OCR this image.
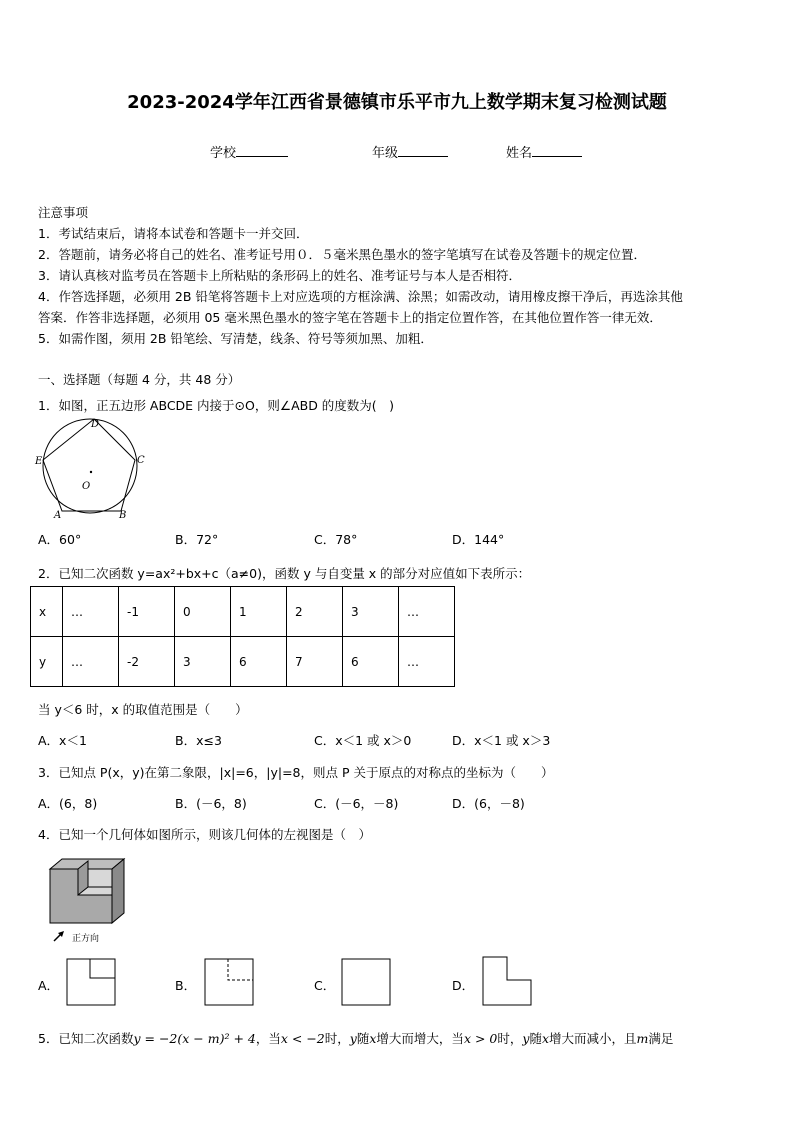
2023-2024学年江西省景德镇市乐平市九上数学期末复习检测试题
学校	年级	姓名
注意事项
1．考试结束后，请将本试卷和答题卡一并交回．
2．答题前，请务必将自己的姓名、准考证号用０．５毫米黑色墨水的签字笔填写在试卷及答题卡的规定位置．
3．请认真核对监考员在答题卡上所粘贴的条形码上的姓名、准考证号与本人是否相符．
4．作答选择题，必须用 2B 铅笔将答题卡上对应选项的方框涂满、涂黑；如需改动，请用橡皮擦干净后，再选涂其他
答案．作答非选择题，必须用 05 毫米黑色墨水的签字笔在答题卡上的指定位置作答，在其他位置作答一律无效．
5．如需作图，须用 2B 铅笔绘、写清楚，线条、符号等须加黑、加粗．
一、选择题（每题 4 分，共 48 分）
1．如图，正五边形 ABCDE 内接于⊙O，则∠ABD 的度数为(　)
D
C
E
O
A	B
A．60°	B．72°	C．78°	D．144°
2．已知二次函数 y=ax²+bx+c（a≠0)，函数 y 与自变量 x 的部分对应值如下表所示：
x	…	-1	0	1	2	3	…
y	…	-2	3	6	7	6	…
当 y＜6 时，x 的取值范围是（　　）
A．x＜1	B．x≤3	C．x＜1 或 x＞0	D．x＜1 或 x＞3
3．已知点 P(x，y)在第二象限，|x|=6，|y|=8，则点 P 关于原点的对称点的坐标为（　　）
A．(6，8)	B．(－6，8)	C．(－6，－8)	D．(6，－8)
4．已知一个几何体如图所示，则该几何体的左视图是（　）
正方向
A．	B．	C．	D．
5．已知二次函数y = −2(x − m)² + 4，当x < −2时，y随x增大而增大，当x > 0时，y随x增大而减小，且m满足
